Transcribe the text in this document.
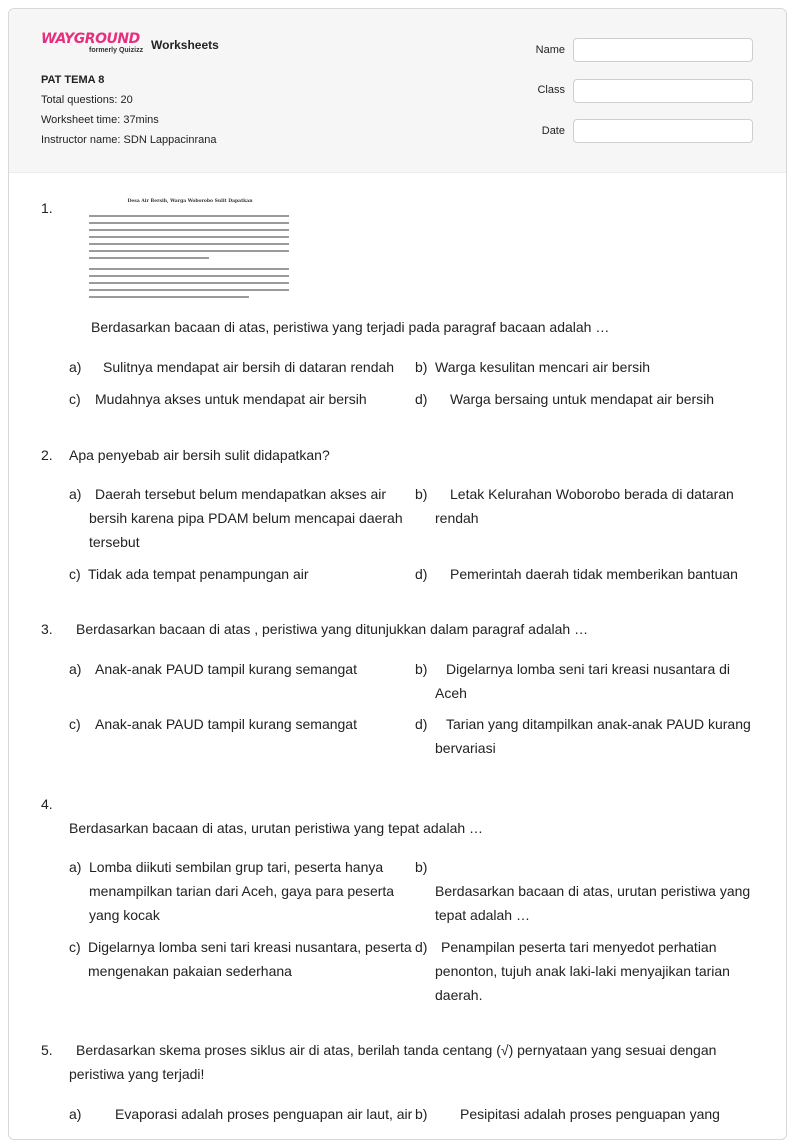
WAYGROUND
formerly Quizizz Worksheets
PAT TEMA 8
Total questions: 20
Worksheet time: 37mins
Instructor name: SDN Lappacinrana
Name
Class
Date
1.	Desa Air Bersih, Warga Woborobo Sulit Dapatkan
Berdasarkan bacaan di atas, peristiwa yang terjadi pada paragraf bacaan adalah …
a) Sulitnya mendapat air bersih di dataran rendah b) Warga kesulitan mencari air bersih
c) Mudahnya akses untuk mendapat air bersih	d) Warga bersaing untuk mendapat air bersih
2. Apa penyebab air bersih sulit didapatkan?
a) Daerah tersebut belum mendapatkan akses air
bersih karena pipa PDAM belum mencapai daerah
tersebut
b) Letak Kelurahan Woborobo berada di dataran
rendah
c) Tidak ada tempat penampungan air	d) Pemerintah daerah tidak memberikan bantuan
3. Berdasarkan bacaan di atas , peristiwa yang ditunjukkan dalam paragraf adalah …
a) Anak-anak PAUD tampil kurang semangat	b) Digelarnya lomba seni tari kreasi nusantara di
Aceh
c) Anak-anak PAUD tampil kurang semangat	d) Tarian yang ditampilkan anak-anak PAUD kurang
bervariasi
4.
Berdasarkan bacaan di atas, urutan peristiwa yang tepat adalah …
a) Lomba diikuti sembilan grup tari, peserta hanya
menampilkan tarian dari Aceh, gaya para peserta
yang kocak
b)
Berdasarkan bacaan di atas, urutan peristiwa yang
tepat adalah …
c) Digelarnya lomba seni tari kreasi nusantara, peserta
mengenakan pakaian sederhana
d) Penampilan peserta tari menyedot perhatian
penonton, tujuh anak laki-laki menyajikan tarian
daerah.
5. Berdasarkan skema proses siklus air di atas, berilah tanda centang (√) pernyataan yang sesuai dengan
peristiwa yang terjadi!
a) Evaporasi adalah proses penguapan air laut, air b) Pesipitasi adalah proses penguapan yang
